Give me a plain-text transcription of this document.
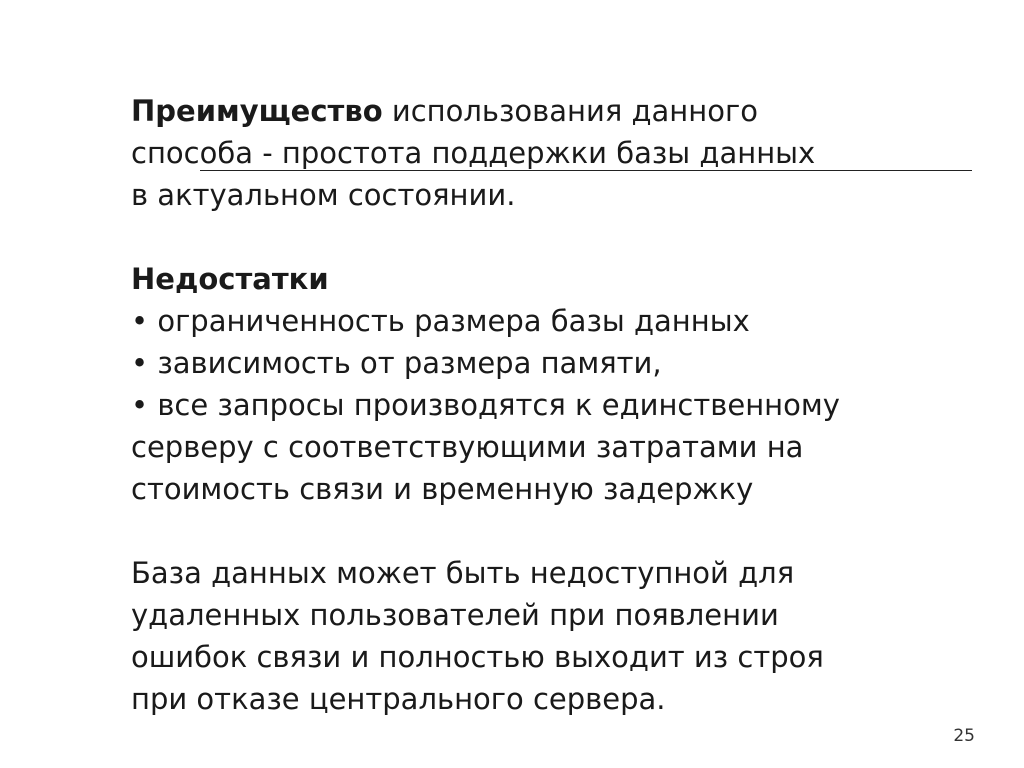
Преимущество использования данного
способа - простота поддержки базы данных
в актуальном состоянии.
Недостатки
• ограниченность размера базы данных
• зависимость от размера памяти,
• все запросы производятся к единственному
серверу с соответствующими затратами на
стоимость связи и временную задержку
База данных может быть недоступной для
удаленных пользователей при появлении
ошибок связи и полностью выходит из строя
при отказе центрального сервера.
25
